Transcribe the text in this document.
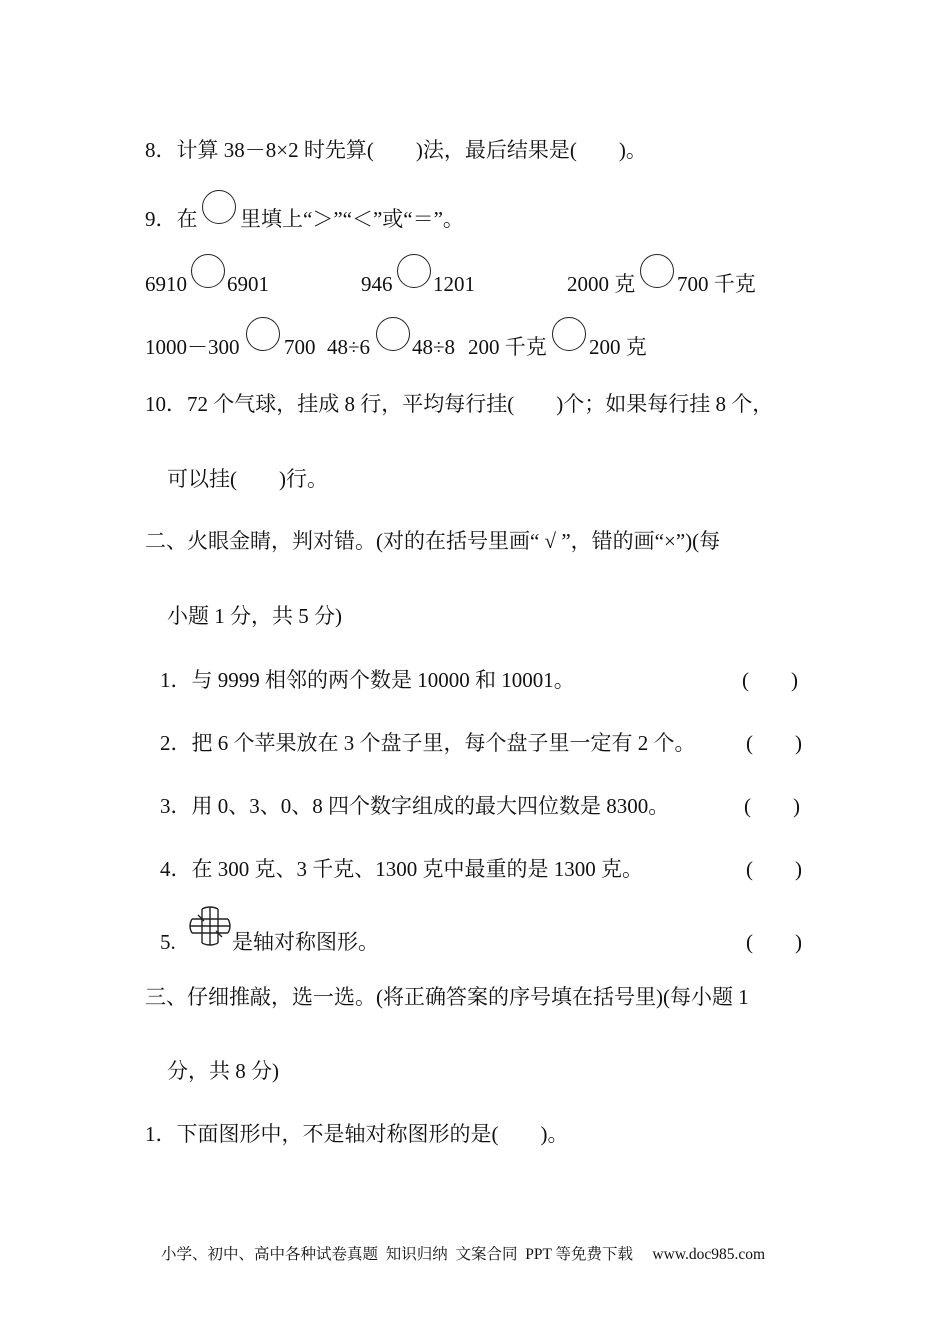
8．计算 38－8×2 时先算(　　)法，最后结果是(　　)。
9．在 里填上“＞”“＜”或“＝”。
6910 6901	946 1201	2000 克 700 千克
1000－300 700 48÷6 48÷8 200 千克 200 克
10．72 个气球，挂成 8 行，平均每行挂(　　)个；如果每行挂 8 个，
可以挂(　　)行。
二、火眼金睛，判对错。(对的在括号里画“ √ ”，错的画“×”)(每
小题 1 分，共 5 分)
1．与 9999 相邻的两个数是 10000 和 10001。	(　　)
2．把 6 个苹果放在 3 个盘子里，每个盘子里一定有 2 个。 (　　)
3．用 0、3、0、8 四个数字组成的最大四位数是 8300。	(　　)
4．在 300 克、3 千克、1300 克中最重的是 1300 克。	(　　)
5.	是轴对称图形。	(　　)
三、仔细推敲，选一选。(将正确答案的序号填在括号里)(每小题 1
分，共 8 分)
1．下面图形中，不是轴对称图形的是(　　)。
小学、初中、高中各种试卷真题  知识归纳  文案合同  PPT 等免费下载     www.doc985.com
